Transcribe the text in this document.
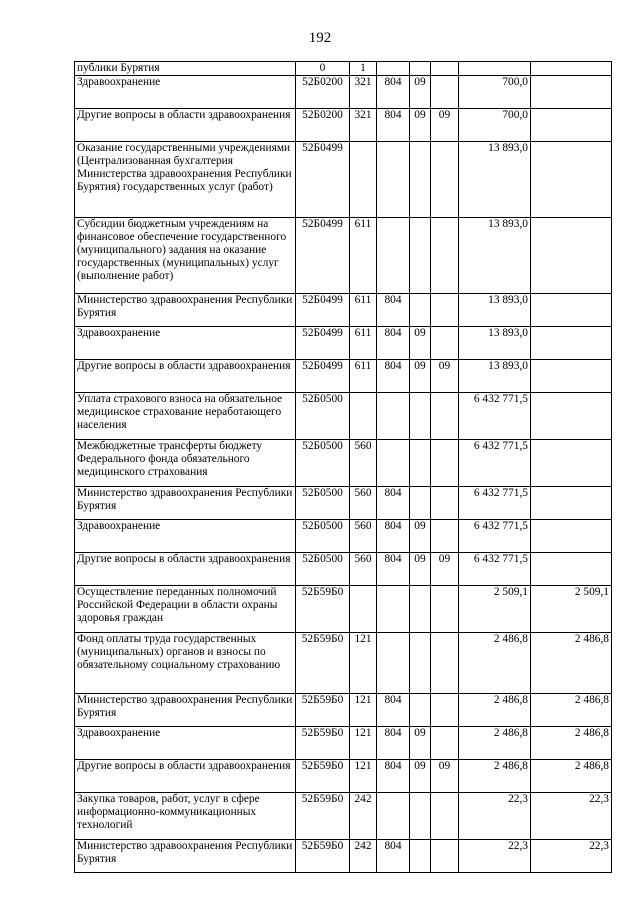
192
публики Бурятия	0	1					
Здравоохранение	52Б0200	321	804	09		700,0	
Другие вопросы в области здравоохранения	52Б0200	321	804	09	09	700,0	
Оказание государственными учреждениями (Централизованная бухгалтерия Министерства здравоохранения Республики Бурятия) государственных услуг (работ)	52Б0499					13 893,0	
Субсидии бюджетным учреждениям на финансовое обеспечение государственного (муниципального) задания на оказание государственных (муниципальных) услуг (выполнение работ)	52Б0499	611				13 893,0	
Министерство здравоохранения Республики Бурятия	52Б0499	611	804			13 893,0	
Здравоохранение	52Б0499	611	804	09		13 893,0	
Другие вопросы в области здравоохранения	52Б0499	611	804	09	09	13 893,0	
Уплата страхового взноса на обязательное медицинское страхование неработающего населения	52Б0500					6 432 771,5	
Межбюджетные трансферты бюджету Федерального фонда обязательного медицинского страхования	52Б0500	560				6 432 771,5	
Министерство здравоохранения Республики Бурятия	52Б0500	560	804			6 432 771,5	
Здравоохранение	52Б0500	560	804	09		6 432 771,5	
Другие вопросы в области здравоохранения	52Б0500	560	804	09	09	6 432 771,5	
Осуществление переданных полномочий Российской Федерации в области охраны здоровья граждан	52Б59Б0					2 509,1	2 509,1
Фонд оплаты труда государственных (муниципальных) органов и взносы по обязательному социальному страхованию	52Б59Б0	121				2 486,8	2 486,8
Министерство здравоохранения Республики Бурятия	52Б59Б0	121	804			2 486,8	2 486,8
Здравоохранение	52Б59Б0	121	804	09		2 486,8	2 486,8
Другие вопросы в области здравоохранения	52Б59Б0	121	804	09	09	2 486,8	2 486,8
Закупка товаров, работ, услуг в сфере информационно-коммуникационных технологий	52Б59Б0	242				22,3	22,3
Министерство здравоохранения Республики Бурятия	52Б59Б0	242	804			22,3	22,3
